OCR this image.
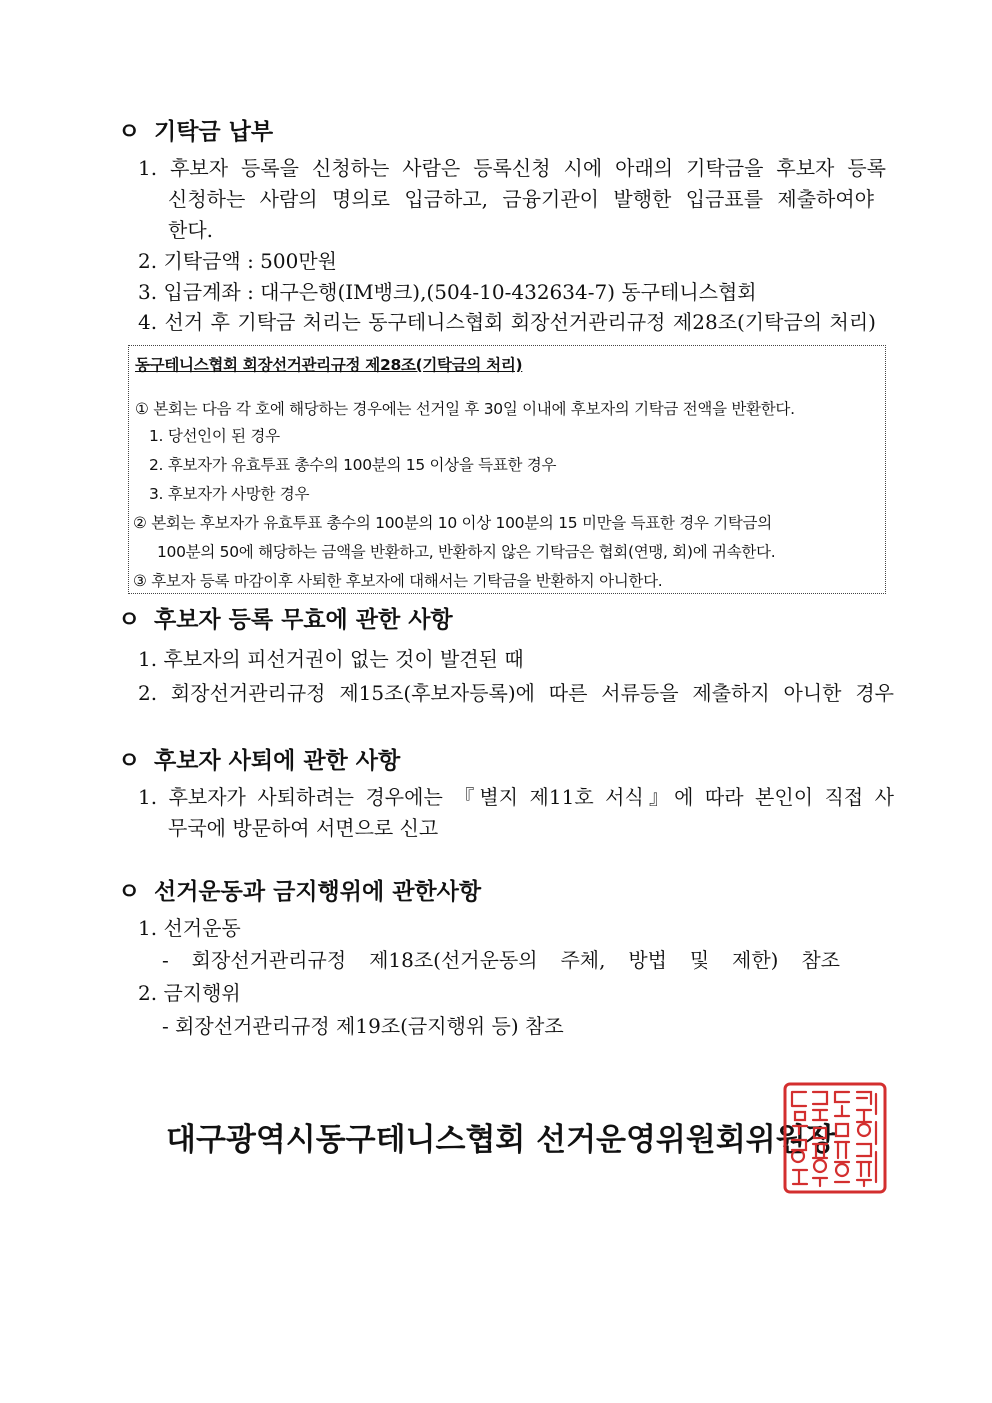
ㅇ 기탁금 납부
1. 후보자 등록을 신청하는 사람은 등록신청 시에 아래의 기탁금을 후보자 등록
신청하는 사람의 명의로 입금하고, 금융기관이 발행한 입금표를 제출하여야
한다.
2. 기탁금액 : 500만원
3. 입금계좌 : 대구은행(IM뱅크),(504-10-432634-7) 동구테니스협회
4. 선거 후 기탁금 처리는 동구테니스협회 회장선거관리규정 제28조(기탁금의 처리)
동구테니스협회 회장선거관리규정 제28조(기탁금의 처리)
① 본회는 다음 각 호에 해당하는 경우에는 선거일 후 30일 이내에 후보자의 기탁금 전액을 반환한다.
1. 당선인이 된 경우
2. 후보자가 유효투표 총수의 100분의 15 이상을 득표한 경우
3. 후보자가 사망한 경우
② 본회는 후보자가 유효투표 총수의 100분의 10 이상 100분의 15 미만을 득표한 경우 기탁금의
100분의 50에 해당하는 금액을 반환하고, 반환하지 않은 기탁금은 협회(연맹, 회)에 귀속한다.
③ 후보자 등록 마감이후 사퇴한 후보자에 대해서는 기탁금을 반환하지 아니한다.
ㅇ 후보자 등록 무효에 관한 사항
1. 후보자의 피선거권이 없는 것이 발견된 때
2. 회장선거관리규정 제15조(후보자등록)에 따른 서류등을 제출하지 아니한 경우
ㅇ 후보자 사퇴에 관한 사항
1. 후보자가 사퇴하려는 경우에는 『별지 제11호 서식』에 따라 본인이 직접 사
무국에 방문하여 서면으로 신고
ㅇ 선거운동과 금지행위에 관한사항
1. 선거운동
- 회장선거관리규정 제18조(선거운동의 주체, 방법 및 제한) 참조
2. 금지행위
- 회장선거관리규정 제19조(금지행위 등) 참조
대구광역시동구테니스협회 선거운영위원회위원장
